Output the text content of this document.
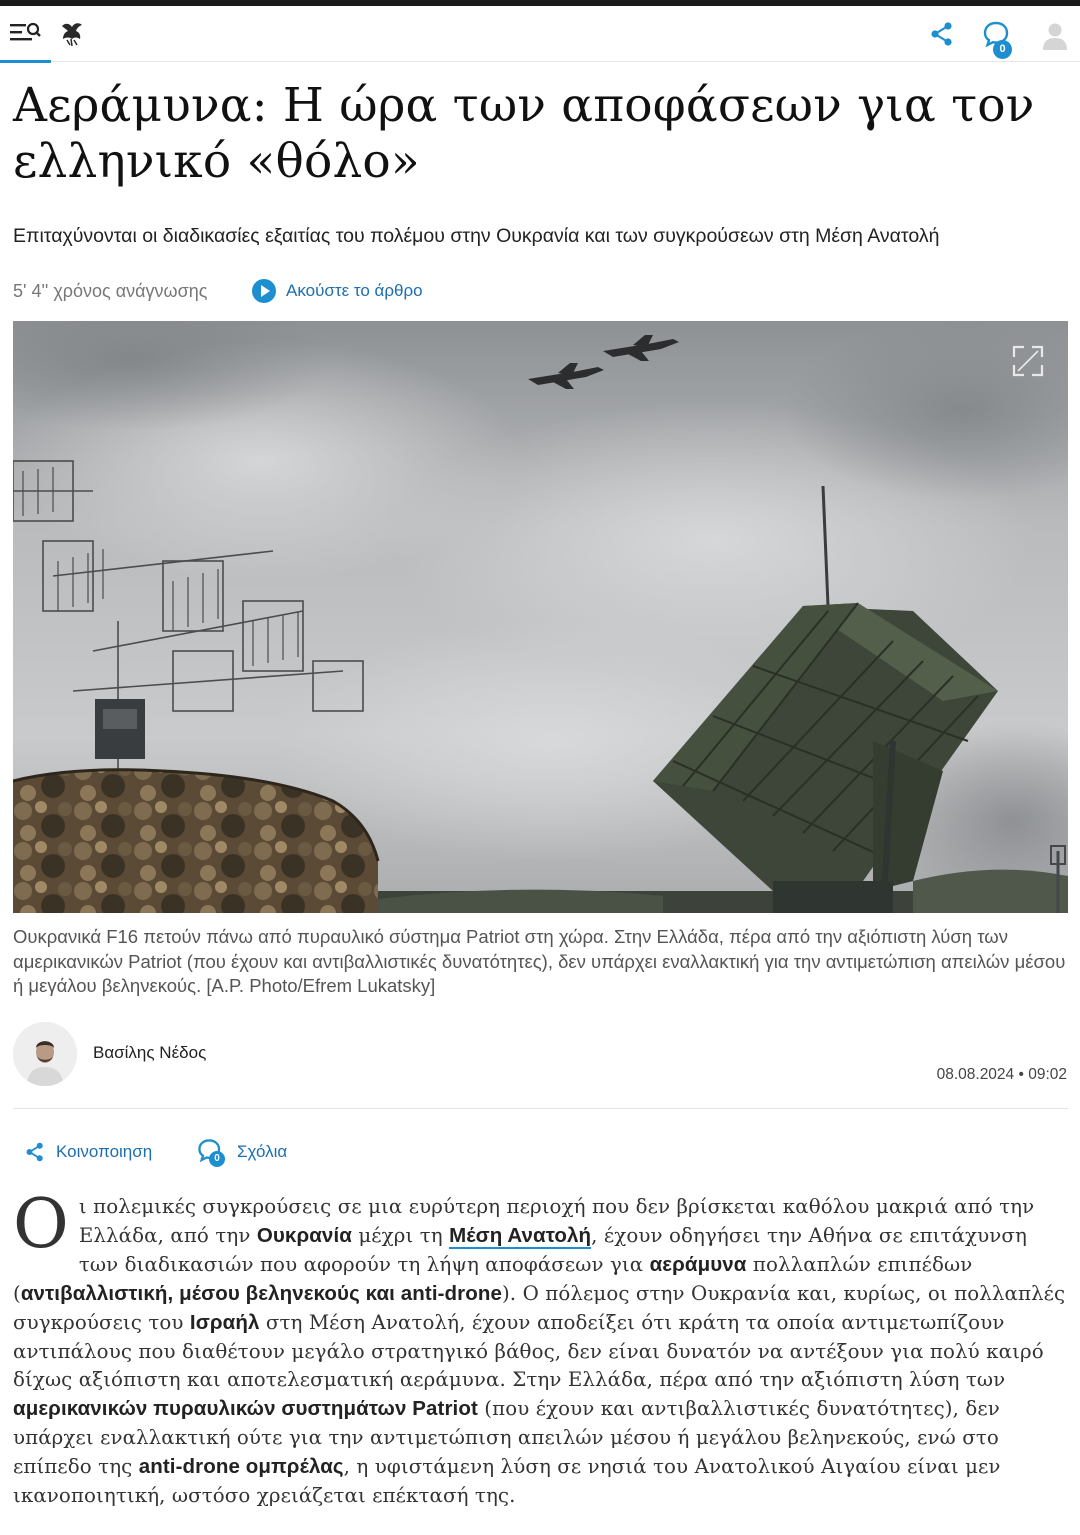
0
Αεράμυνα: Η ώρα των αποφάσεων για τον ελληνικό «θόλο»

Επιταχύνονται οι διαδικασίες εξαιτίας του πολέμου στην Ουκρανία και των συγκρούσεων στη Μέση Ανατολή

5' 4'' χρόνος ανάγνωσης	Ακούστε το άρθρο

Ουκρανικά F16 πετούν πάνω από πυραυλικό σύστημα Patriot στη χώρα. Στην Ελλάδα, πέρα από την αξιόπιστη λύση των αμερικανικών Patriot (που έχουν και αντιβαλλιστικές δυνατότητες), δεν υπάρχει εναλλακτική για την αντιμετώπιση απειλών μέσου ή μεγάλου βεληνεκούς. [A.P. Photo/Efrem Lukatsky]

Βασίλης Νέδος
08.08.2024 • 09:02
Κοινοποιηση	0	Σχόλια
Οι πολεμικές συγκρούσεις σε μια ευρύτερη περιοχή που δεν βρίσκεται καθόλου μακριά από την Ελλάδα, από την Ουκρανία μέχρι τη Μέση Ανατολή, έχουν οδηγήσει την Αθήνα σε επιτάχυνση των διαδικασιών που αφορούν τη λήψη αποφάσεων για αεράμυνα πολλαπλών επιπέδων (αντιβαλλιστική, μέσου βεληνεκούς και anti-drone). Ο πόλεμος στην Ουκρανία και, κυρίως, οι πολλαπλές συγκρούσεις του Ισραήλ στη Μέση Ανατολή, έχουν αποδείξει ότι κράτη τα οποία αντιμετωπίζουν αντιπάλους που διαθέτουν μεγάλο στρατηγικό βάθος, δεν είναι δυνατόν να αντέξουν για πολύ καιρό δίχως αξιόπιστη και αποτελεσματική αεράμυνα. Στην Ελλάδα, πέρα από την αξιόπιστη λύση των αμερικανικών πυραυλικών συστημάτων Patriot (που έχουν και αντιβαλλιστικές δυνατότητες), δεν υπάρχει εναλλακτική ούτε για την αντιμετώπιση απειλών μέσου ή μεγάλου βεληνεκούς, ενώ στο επίπεδο της anti-drone ομπρέλας, η υφιστάμενη λύση σε νησιά του Ανατολικού Αιγαίου είναι μεν ικανοποιητική, ωστόσο χρειάζεται επέκτασή της.
